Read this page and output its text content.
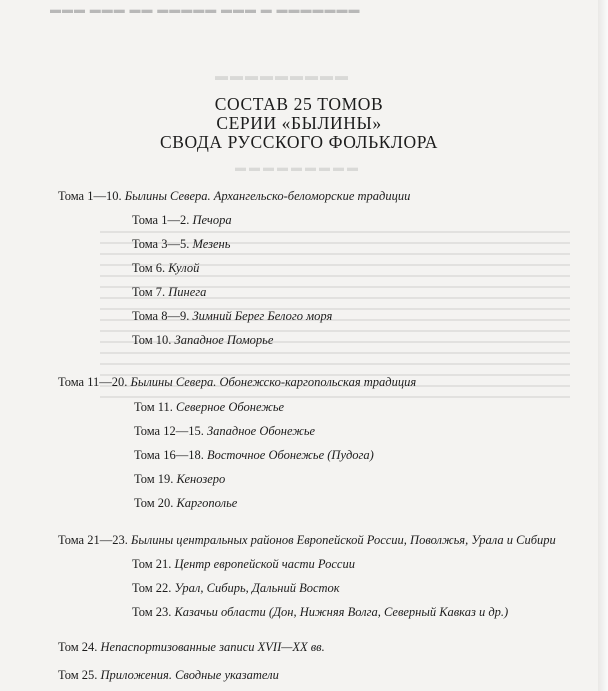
▬▬▬ ▬▬▬ ▬▬ ▬▬▬▬▬ ▬▬▬ ▬ ▬▬▬▬▬▬▬
▬▬▬▬▬▬▬▬▬
▬▬▬▬▬▬▬▬▬
СОСТАВ 25 ТОМОВ
СЕРИИ «БЫЛИНЫ»
СВОДА РУССКОГО ФОЛЬКЛОРА
Тома 1—10. Былины Севера. Архангельско-беломорские традиции
Тома 1—2. Печора
Тома 3—5. Мезень
Том 6. Кулой
Том 7. Пинега
Тома 8—9. Зимний Берег Белого моря
Том 10. Западное Поморье
Тома 11—20. Былины Севера. Обонежско-каргопольская традиция
Том 11. Северное Обонежье
Тома 12—15. Западное Обонежье
Тома 16—18. Восточное Обонежье (Пудога)
Том 19. Кенозеро
Том 20. Каргополье
Тома 21—23. Былины центральных районов Европейской России, Поволжья, Урала и Сибири
Том 21. Центр европейской части России
Том 22. Урал, Сибирь, Дальний Восток
Том 23. Казачьи области (Дон, Нижняя Волга, Северный Кавказ и др.)
Том 24. Непаспортизованные записи XVII—XX вв.
Том 25. Приложения. Сводные указатели
